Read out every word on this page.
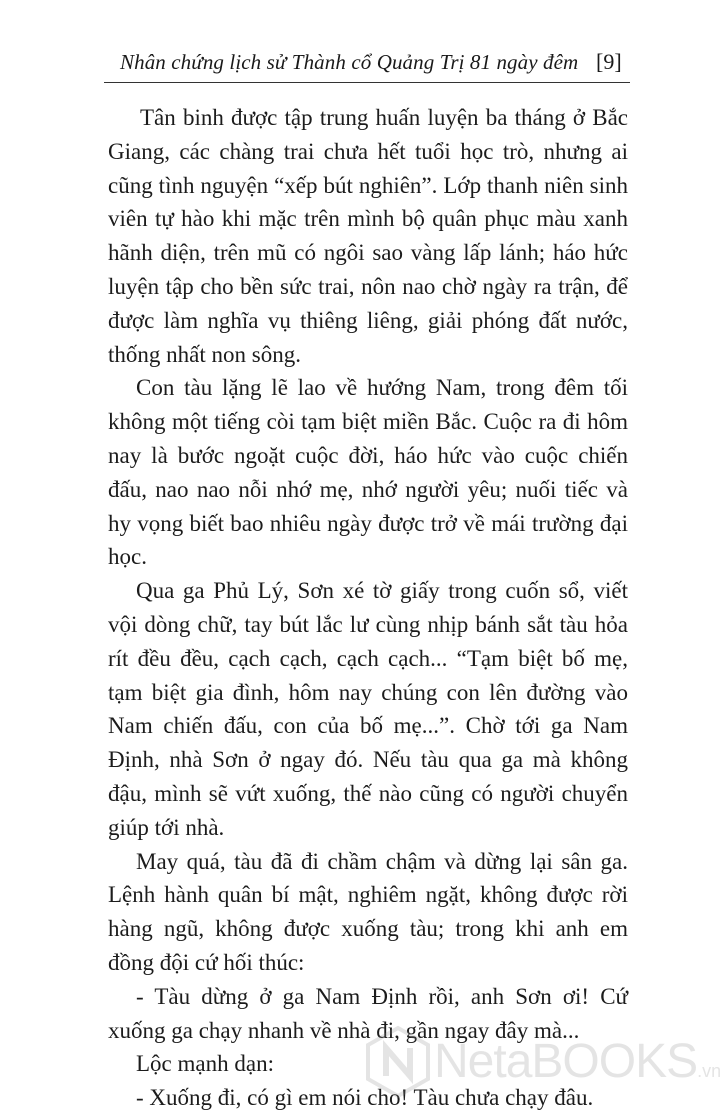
Nhân chứng lịch sử Thành cổ Quảng Trị 81 ngày đêm [9]

Tân binh được tập trung huấn luyện ba tháng ở Bắc Giang, các chàng trai chưa hết tuổi học trò, nhưng ai cũng tình nguyện “xếp bút nghiên”. Lớp thanh niên sinh viên tự hào khi mặc trên mình bộ quân phục màu xanh hãnh diện, trên mũ có ngôi sao vàng lấp lánh; háo hức luyện tập cho bền sức trai, nôn nao chờ ngày ra trận, để được làm nghĩa vụ thiêng liêng, giải phóng đất nước, thống nhất non sông.

Con tàu lặng lẽ lao về hướng Nam, trong đêm tối không một tiếng còi tạm biệt miền Bắc. Cuộc ra đi hôm nay là bước ngoặt cuộc đời, háo hức vào cuộc chiến đấu, nao nao nỗi nhớ mẹ, nhớ người yêu; nuối tiếc và hy vọng biết bao nhiêu ngày được trở về mái trường đại học.

Qua ga Phủ Lý, Sơn xé tờ giấy trong cuốn sổ, viết vội dòng chữ, tay bút lắc lư cùng nhịp bánh sắt tàu hỏa rít đều đều, cạch cạch, cạch cạch... “Tạm biệt bố mẹ, tạm biệt gia đình, hôm nay chúng con lên đường vào Nam chiến đấu, con của bố mẹ...”. Chờ tới ga Nam Định, nhà Sơn ở ngay đó. Nếu tàu qua ga mà không đậu, mình sẽ vứt xuống, thế nào cũng có người chuyển giúp tới nhà.

May quá, tàu đã đi chầm chậm và dừng lại sân ga. Lệnh hành quân bí mật, nghiêm ngặt, không được rời hàng ngũ, không được xuống tàu; trong khi anh em đồng đội cứ hối thúc:

- Tàu dừng ở ga Nam Định rồi, anh Sơn ơi! Cứ xuống ga chạy nhanh về nhà đi, gần ngay đây mà...

Lộc mạnh dạn:

- Xuống đi, có gì em nói cho! Tàu chưa chạy đâu.

NetaBOOKS.vn
